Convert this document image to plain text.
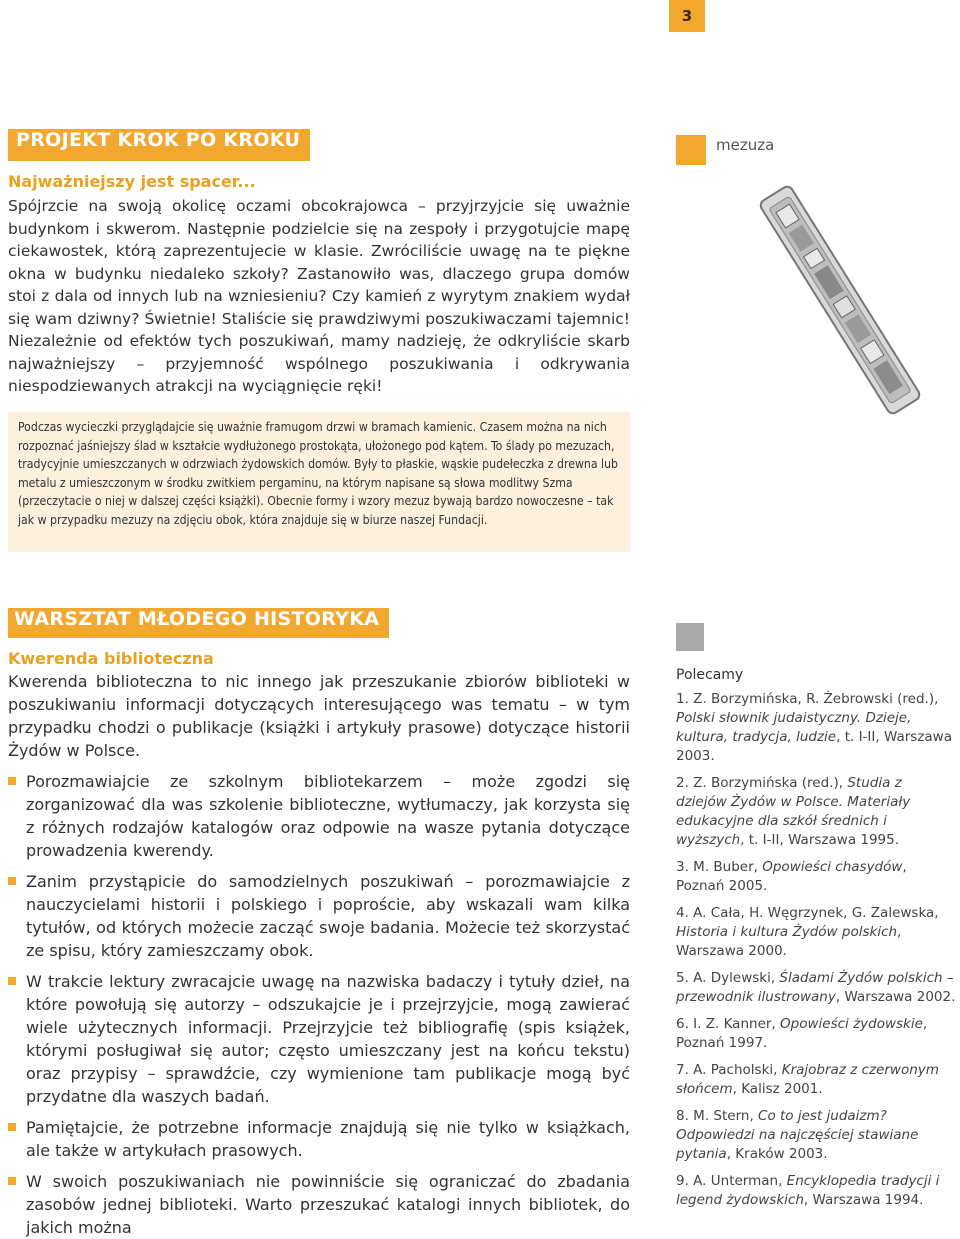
3
PROJEKT KROK PO KROKU
Najważniejszy jest spacer...
Spójrzcie na swoją okolicę oczami obcokrajowca – przyjrzyjcie się uważnie budynkom i skwerom. Następnie podzielcie się na zespoły i przygotujcie mapę ciekawostek, którą zaprezentujecie w klasie. Zwróciliście uwagę na te piękne okna w budynku niedaleko szkoły? Zastanowiło was, dlaczego grupa domów stoi z dala od innych lub na wzniesieniu? Czy kamień z wyrytym znakiem wydał się wam dziwny? Świetnie! Staliście się prawdziwymi poszukiwaczami tajemnic! Niezależnie od efektów tych poszukiwań, mamy nadzieję, że odkryliście skarb najważniejszy – przyjemność wspólnego poszukiwania i odkrywania niespodziewanych atrakcji na wyciągnięcie ręki!
Podczas wycieczki przyglądajcie się uważnie framugom drzwi w bramach kamienic. Czasem można na nich rozpoznać jaśniejszy ślad w kształcie wydłużonego prostokąta, ułożonego pod kątem. To ślady po mezuzach, tradycyjnie umieszczanych w odrzwiach żydowskich domów. Były to płaskie, wąskie pudełeczka z drewna lub metalu z umieszczonym w środku zwitkiem pergaminu, na którym napisane są słowa modlitwy Szma (przeczytacie o niej w dalszej części książki). Obecnie formy i wzory mezuz bywają bardzo nowoczesne – tak jak w przypadku mezuzy na zdjęciu obok, która znajduje się w biurze naszej Fundacji.
mezuza
WARSZTAT MŁODEGO HISTORYKA
Kwerenda biblioteczna

Kwerenda biblioteczna to nic innego jak przeszukanie zbiorów biblioteki w poszukiwaniu informacji dotyczących interesującego was tematu – w tym przypadku chodzi o publikacje (książki i artykuły prasowe) dotyczące historii Żydów w Polsce.

Porozmawiajcie ze szkolnym bibliotekarzem – może zgodzi się zorganizować dla was szkolenie biblioteczne, wytłumaczy, jak korzysta się z różnych rodzajów katalogów oraz odpowie na wasze pytania dotyczące prowadzenia kwerendy.

Zanim przystąpicie do samodzielnych poszukiwań – porozmawiajcie z nauczycielami historii i polskiego i poproście, aby wskazali wam kilka tytułów, od których możecie zacząć swoje badania. Możecie też skorzystać ze spisu, który zamieszczamy obok.

W trakcie lektury zwracajcie uwagę na nazwiska badaczy i tytuły dzieł, na które powołują się autorzy – odszukajcie je i przejrzyjcie, mogą zawierać wiele użytecznych informacji. Przejrzyjcie też bibliografię (spis książek, którymi posługiwał się autor; często umieszczany jest na końcu tekstu) oraz przypisy – sprawdźcie, czy wymienione tam publikacje mogą być przydatne dla waszych badań.

Pamiętajcie, że potrzebne informacje znajdują się nie tylko w książkach, ale także w artykułach prasowych.

W swoich poszukiwaniach nie powinniście się ograniczać do zbadania zasobów jednej biblioteki. Warto przeszukać katalogi innych bibliotek, do jakich można

Polecamy

1. Z. Borzymińska, R. Żebrowski (red.), Polski słownik judaistyczny. Dzieje, kultura, tradycja, ludzie, t. I-II, Warszawa 2003.

2. Z. Borzymińska (red.), Studia z dziejów Żydów w Polsce. Materiały edukacyjne dla szkół średnich i wyższych, t. I-II, Warszawa 1995.

3. M. Buber, Opowieści chasydów, Poznań 2005.

4. A. Cała, H. Węgrzynek, G. Zalewska, Historia i kultura Żydów polskich, Warszawa 2000.

5. A. Dylewski, Śladami Żydów polskich – przewodnik ilustrowany, Warszawa 2002.

6. I. Z. Kanner, Opowieści żydowskie, Poznań 1997.

7. A. Pacholski, Krajobraz z czerwonym słońcem, Kalisz 2001.

8. M. Stern, Co to jest judaizm? Odpowiedzi na najczęściej stawiane pytania, Kraków 2003.

9. A. Unterman, Encyklopedia tradycji i legend żydowskich, Warszawa 1994.
